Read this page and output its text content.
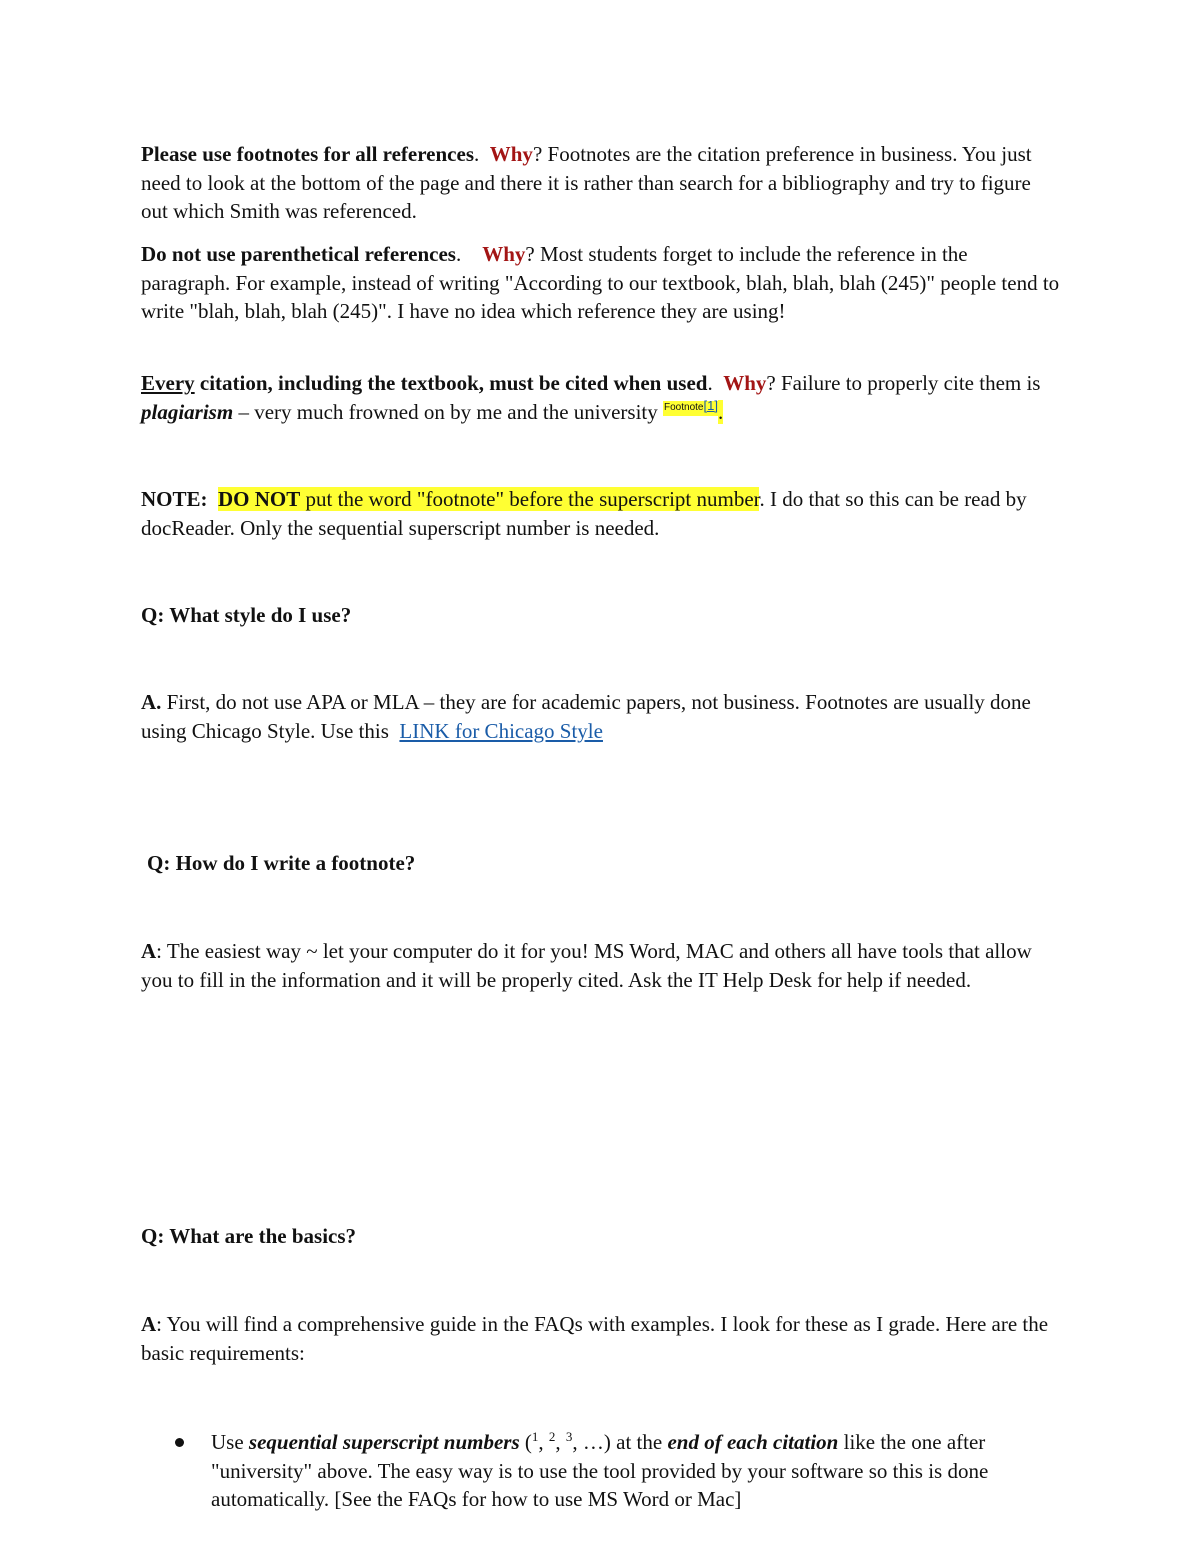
Please use footnotes for all references. Why? Footnotes are the citation preference in business. You just need to look at the bottom of the page and there it is rather than search for a bibliography and try to figure out which Smith was referenced.

Do not use parenthetical references. Why? Most students forget to include the reference in the paragraph. For example, instead of writing "According to our textbook, blah, blah, blah (245)" people tend to write "blah, blah, blah (245)". I have no idea which reference they are using!

Every citation, including the textbook, must be cited when used. Why? Failure to properly cite them is plagiarism – very much frowned on by me and the university $^{Footnote[1]}$.

NOTE: DO NOT put the word "footnote" before the superscript number. I do that so this can be read by docReader. Only the sequential superscript number is needed.

Q: What style do I use?

A. First, do not use APA or MLA – they are for academic papers, not business. Footnotes are usually done using Chicago Style. Use this  LINK for Chicago Style

Q: How do I write a footnote?

A: The easiest way ~ let your computer do it for you! MS Word, MAC and others all have tools that allow you to fill in the information and it will be properly cited. Ask the IT Help Desk for help if needed.

Q: What are the basics?

A: You will find a comprehensive guide in the FAQs with examples. I look for these as I grade. Here are the basic requirements:

Use sequential superscript numbers ($^1$, $^2$, $^3$, …) at the end of each citation like the one after "university" above. The easy way is to use the tool provided by your software so this is done automatically. [See the FAQs for how to use MS Word or Mac]
